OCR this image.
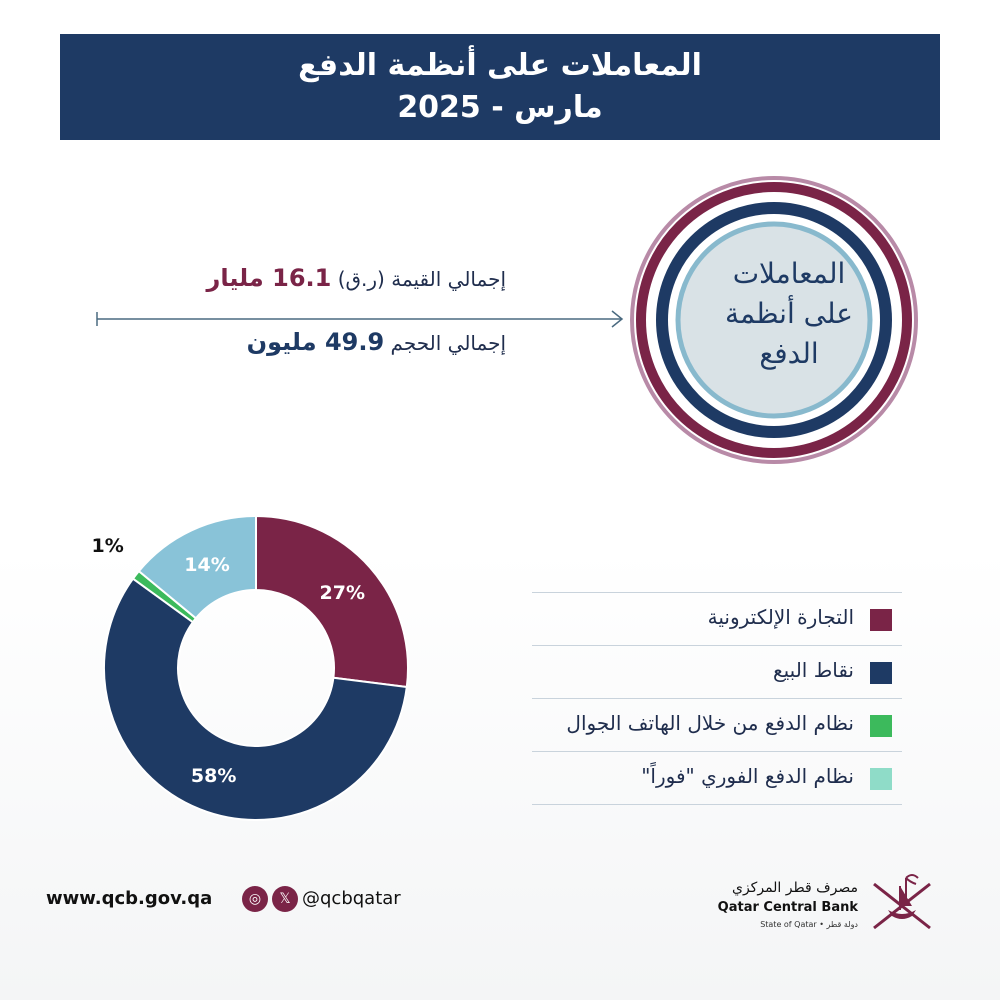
المعاملات على أنظمة الدفع
مارس - 2025
إجمالي القيمة (ر.ق) 16.1 مليار
إجمالي الحجم 49.9 مليون
المعاملات
على أنظمة
الدفع
27%
58%
1%
14%
التجارة الإلكترونية
نقاط البيع
نظام الدفع من خلال الهاتف الجوال
نظام الدفع الفوري "فوراً"
www.qcb.gov.qa	◎	𝕏 @qcbqatar	مصرف قطر المركزي
Qatar Central Bank
State of Qatar • دولة قطر
